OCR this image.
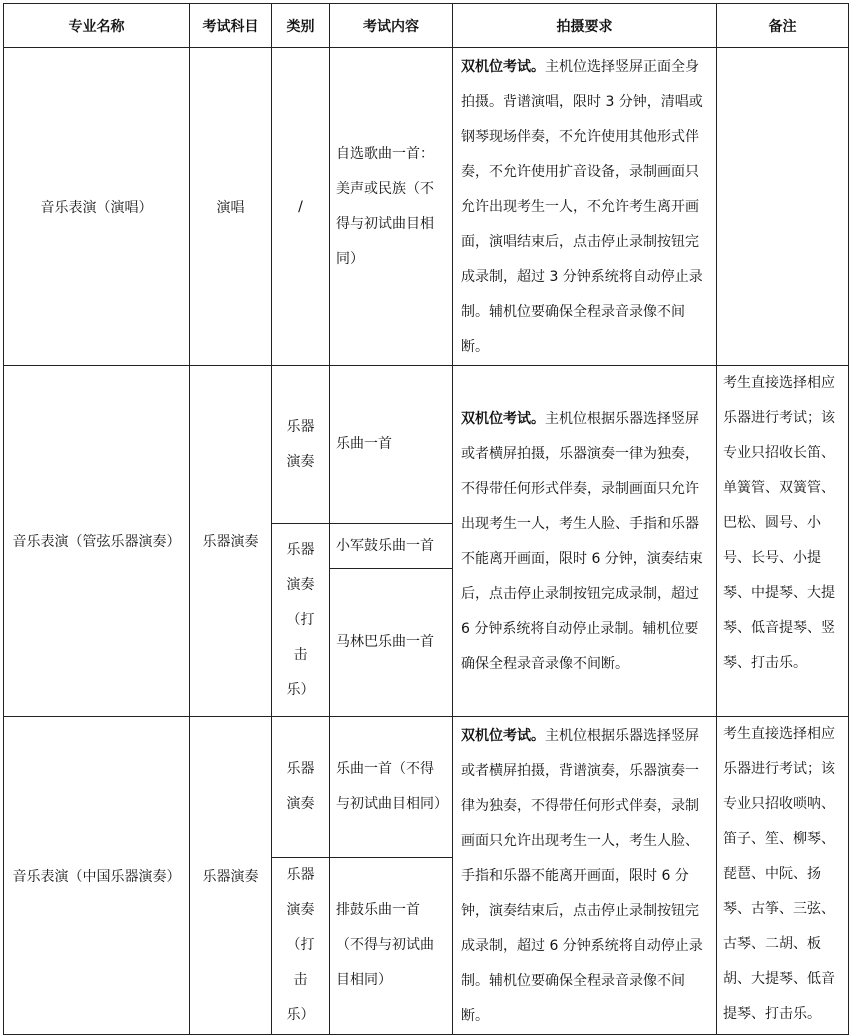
专业名称	考试科目	类别	考试内容	拍摄要求	备注
音乐表演（演唱）	演唱	/	自选歌曲一首：美声或民族（不得与初试曲目相同）	双机位考试。主机位选择竖屏正面全身拍摄。背谱演唱，限时 3 分钟，清唱或钢琴现场伴奏，不允许使用其他形式伴奏，不允许使用扩音设备，录制画面只允许出现考生一人，不允许考生离开画面，演唱结束后，点击停止录制按钮完成录制，超过 3 分钟系统将自动停止录制。辅机位要确保全程录音录像不间断。	
音乐表演（管弦乐器演奏）	乐器演奏	乐器演奏	乐曲一首	双机位考试。主机位根据乐器选择竖屏或者横屏拍摄，乐器演奏一律为独奏，不得带任何形式伴奏，录制画面只允许出现考生一人，考生人脸、手指和乐器不能离开画面，限时 6 分钟，演奏结束后，点击停止录制按钮完成录制，超过 6 分钟系统将自动停止录制。辅机位要确保全程录音录像不间断。	考生直接选择相应乐器进行考试；该专业只招收长笛、单簧管、双簧管、巴松、圆号、小号、长号、小提琴、中提琴、大提琴、低音提琴、竖琴、打击乐。
		乐器演奏（打击乐）	小军鼓乐曲一首		
			马林巴乐曲一首		
音乐表演（中国乐器演奏）	乐器演奏	乐器演奏	乐曲一首（不得与初试曲目相同）	双机位考试。主机位根据乐器选择竖屏或者横屏拍摄，背谱演奏，乐器演奏一律为独奏，不得带任何形式伴奏，录制画面只允许出现考生一人，考生人脸、手指和乐器不能离开画面，限时 6 分钟，演奏结束后，点击停止录制按钮完成录制，超过 6 分钟系统将自动停止录制。辅机位要确保全程录音录像不间断。	考生直接选择相应乐器进行考试；该专业只招收唢呐、笛子、笙、柳琴、琵琶、中阮、扬琴、古筝、三弦、古琴、二胡、板胡、大提琴、低音提琴、打击乐。
		乐器演奏（打击乐）	排鼓乐曲一首（不得与初试曲目相同）		
